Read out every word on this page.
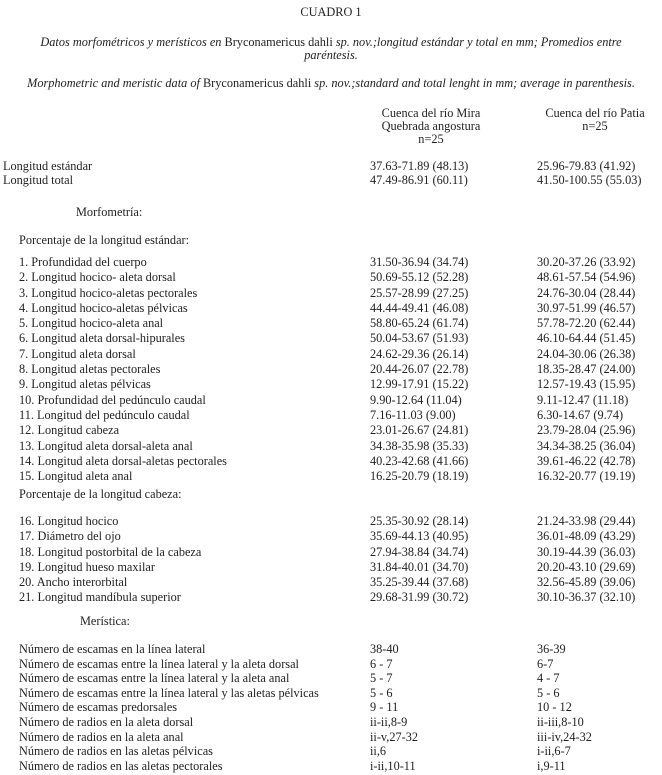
CUADRO 1
Datos morfométricos y merísticos en Bryconamericus dahli sp. nov.;longitud estándar y total en mm; Promedios entre
paréntesis.
Morphometric and meristic data of Bryconamericus dahli sp. nov.;standard and total lenght in mm; average in parenthesis.
Cuenca del río Mira
Quebrada angostura
n=25
Cuenca del río Patia
n=25
Longitud estándar	37.63-71.89 (48.13)	25.96-79.83 (41.92)
Longitud total	47.49-86.91 (60.11)	41.50-100.55 (55.03)
Morfometría:
Porcentaje de la longitud estándar:
1. Profundidad del cuerpo	31.50-36.94 (34.74)	30.20-37.26 (33.92)
2. Longitud hocico- aleta dorsal	50.69-55.12 (52.28)	48.61-57.54 (54.96)
3. Longitud hocico-aletas pectorales	25.57-28.99 (27.25)	24.76-30.04 (28.44)
4. Longitud hocico-aletas pélvicas	44.44-49.41 (46.08)	30.97-51.99 (46.57)
5. Longitud hocico-aleta anal	58.80-65.24 (61.74)	57.78-72.20 (62.44)
6. Longitud aleta dorsal-hipurales	50.04-53.67 (51.93)	46.10-64.44 (51.45)
7. Longitud aleta dorsal	24.62-29.36 (26.14)	24.04-30.06 (26.38)
8. Longitud aletas pectorales	20.44-26.07 (22.78)	18.35-28.47 (24.00)
9. Longitud aletas pélvicas	12.99-17.91 (15.22)	12.57-19.43 (15.95)
10. Profundidad del pedúnculo caudal	9.90-12.64 (11.04)	9.11-12.47 (11.18)
11. Longitud del pedúnculo caudal	7.16-11.03 (9.00)	6.30-14.67 (9.74)
12. Longitud cabeza	23.01-26.67 (24.81)	23.79-28.04 (25.96)
13. Longitud aleta dorsal-aleta anal	34.38-35.98 (35.33)	34.34-38.25 (36.04)
14. Longitud aleta dorsal-aletas pectorales	40.23-42.68 (41.66)	39.61-46.22 (42.78)
15. Longitud aleta anal	16.25-20.79 (18.19)	16.32-20.77 (19.19)
Porcentaje de la longitud cabeza:
16. Longitud hocico	25.35-30.92 (28.14)	21.24-33.98 (29.44)
17. Diámetro del ojo	35.69-44.13 (40.95)	36.01-48.09 (43.29)
18. Longitud postorbital de la cabeza	27.94-38.84 (34.74)	30.19-44.39 (36.03)
19. Longitud hueso maxilar	31.84-40.01 (34.70)	20.20-43.10 (29.69)
20. Ancho interorbital	35.25-39.44 (37.68)	32.56-45.89 (39.06)
21. Longitud mandíbula superior	29.68-31.99 (30.72)	30.10-36.37 (32.10)
Merística:
Número de escamas en la línea lateral	38-40	36-39
Número de escamas entre la línea lateral y la aleta dorsal	6 - 7	6-7
Número de escamas entre la línea lateral y la aleta anal	5 - 7	4 - 7
Número de escamas entre la línea lateral y las aletas pélvicas	5 - 6	5 - 6
Número de escamas predorsales	9 - 11	10 - 12
Número de radios en la aleta dorsal	ii-ii,8-9	ii-iii,8-10
Número de radios en la aleta anal	ii-v,27-32	iii-iv,24-32
Número de radios en las aletas pélvicas	ii,6	i-ii,6-7
Número de radios en las aletas pectorales	i-ii,10-11	i,9-11
